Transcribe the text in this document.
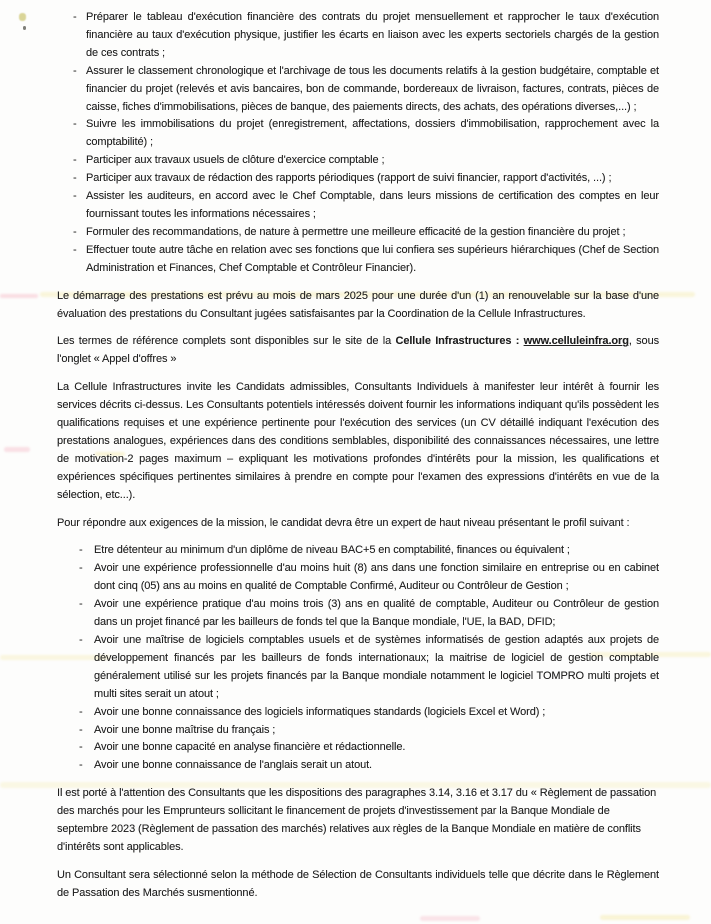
- Préparer le tableau d'exécution financière des contrats du projet mensuellement et rapprocher le taux d'exécution financière au taux d'exécution physique, justifier les écarts en liaison avec les experts sectoriels chargés de la gestion de ces contrats ;
- Assurer le classement chronologique et l'archivage de tous les documents relatifs à la gestion budgétaire, comptable et financier du projet (relevés et avis bancaires, bon de commande, bordereaux de livraison, factures, contrats, pièces de caisse, fiches d'immobilisations, pièces de banque, des paiements directs, des achats, des opérations diverses,...) ;
- Suivre les immobilisations du projet (enregistrement, affectations, dossiers d'immobilisation, rapprochement avec la comptabilité) ;
- Participer aux travaux usuels de clôture d'exercice comptable ;
- Participer aux travaux de rédaction des rapports périodiques (rapport de suivi financier, rapport d'activités, ...) ;
- Assister les auditeurs, en accord avec le Chef Comptable, dans leurs missions de certification des comptes en leur fournissant toutes les informations nécessaires ;
- Formuler des recommandations, de nature à permettre une meilleure efficacité de la gestion financière du projet ;
- Effectuer toute autre tâche en relation avec ses fonctions que lui confiera ses supérieurs hiérarchiques (Chef de Section Administration et Finances, Chef Comptable et Contrôleur Financier).

Le démarrage des prestations est prévu au mois de mars 2025 pour une durée d'un (1) an renouvelable sur la base d'une évaluation des prestations du Consultant jugées satisfaisantes par la Coordination de la Cellule Infrastructures.

Les termes de référence complets sont disponibles sur le site de la Cellule Infrastructures : www.celluleinfra.org, sous l'onglet « Appel d'offres »

La Cellule Infrastructures invite les Candidats admissibles, Consultants Individuels à manifester leur intérêt à fournir les services décrits ci-dessus. Les Consultants potentiels intéressés doivent fournir les informations indiquant qu'ils possèdent les qualifications requises et une expérience pertinente pour l'exécution des services (un CV détaillé indiquant l'exécution des prestations analogues, expériences dans des conditions semblables, disponibilité des connaissances nécessaires, une lettre de motivation-2 pages maximum – expliquant les motivations profondes d'intérêts pour la mission, les qualifications et expériences spécifiques pertinentes similaires à prendre en compte pour l'examen des expressions d'intérêts en vue de la sélection, etc...).

Pour répondre aux exigences de la mission, le candidat devra être un expert de haut niveau présentant le profil suivant :

- Etre détenteur au minimum d'un diplôme de niveau BAC+5 en comptabilité, finances ou équivalent ;
- Avoir une expérience professionnelle d'au moins huit (8) ans dans une fonction similaire en entreprise ou en cabinet dont cinq (05) ans au moins en qualité de Comptable Confirmé, Auditeur ou Contrôleur de Gestion ;
- Avoir une expérience pratique d'au moins trois (3) ans en qualité de comptable, Auditeur ou Contrôleur de gestion dans un projet financé par les bailleurs de fonds tel que la Banque mondiale, l'UE, la BAD, DFID;
- Avoir une maîtrise de logiciels comptables usuels et de systèmes informatisés de gestion adaptés aux projets de développement financés par les bailleurs de fonds internationaux; la maitrise de logiciel de gestion comptable généralement utilisé sur les projets financés par la Banque mondiale notamment le logiciel TOMPRO multi projets et multi sites serait un atout ;
- Avoir une bonne connaissance des logiciels informatiques standards (logiciels Excel et Word) ;
- Avoir une bonne maîtrise du français ;
- Avoir une bonne capacité en analyse financière et rédactionnelle.
- Avoir une bonne connaissance de l'anglais serait un atout.

Il est porté à l'attention des Consultants que les dispositions des paragraphes 3.14, 3.16 et 3.17 du « Règlement de passation des marchés pour les Emprunteurs sollicitant le financement de projets d'investissement par la Banque Mondiale de septembre 2023 (Règlement de passation des marchés) relatives aux règles de la Banque Mondiale en matière de conflits d'intérêts sont applicables.

Un Consultant sera sélectionné selon la méthode de Sélection de Consultants individuels telle que décrite dans le Règlement de Passation des Marchés susmentionné.
